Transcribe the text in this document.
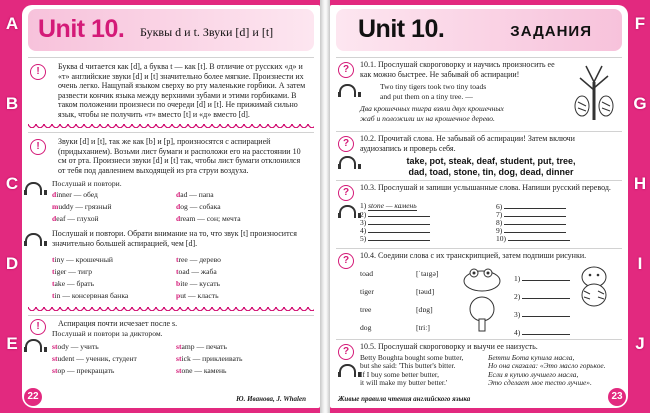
A
B
C
D
E
F
G
H
I
J
Unit 10. Буквы d и t. Звуки [d] и [t]
!	Буква d читается как [d], а буква t — как [t]. В отличие от русских «д» и «т» английские звуки [d] и [t] значительно более мягкие. Произнести их очень легко. Нащупай языком сверху во рту маленькие горбики. А затем развести кончик языка между верхними зубами и этими горбиками. В таком положении произнеси по очереди [d] и [t]. Не прижимай сильно язык, чтобы не получить «т» вместо [t] и «д» вместо [d].
!	Звуки [d] и [t], так же как [b] и [p], произносятся с аспирацией (придыханием). Возьми лист бумаги и расположи его на расстоянии 10 см от рта. Произнеси звуки [d] и [t] так, чтобы лист бумаги отклонился от тебя под давлением выходящей из рта струи воздуха.
Послушай и повтори.
dinner — обед	dad — папа
muddy — грязный	dog — собака
deaf — глухой	dream — сон; мечта
Послушай и повтори. Обрати внимание на то, что звук [t] произносится значительно большей аспирацией, чем [d].
tiny — крошечный	tree — дерево
tiger — тигр	toad — жаба
take — брать	bite — кусать
tin — консервная банка	put — класть
!	Аспирация почти исчезает после s.
Послушай и повтори за диктором.
stody — учить	stamp — печать
student — ученик, студент	stick — приклеивать
stop — прекращать	stone — камень
22	Ю. Иванова, J. Whalen
Unit 10.	ЗАДАНИЯ
?	10.1. Прослушай скороговорку и научись произносить ее как можно быстрее. Не забывай об аспирации!
Two tiny tigers took two tiny toads
and put them on a tiny tree. —
Два крошечных тигра взяли двух крошечных
жаб и положили их на крошечное дерево.
?	10.2. Прочитай слова. Не забывай об аспирации! Затем включи аудиозапись и проверь себя.
take, pot, steak, deaf, student, put, tree,
dad, toad, stone, tin, dog, dead, dinner
?	10.3. Прослушай и запиши услышанные слова. Напиши русский перевод.
1) stone — камень
2)
3)
4)
5)
6)
7)
8)
9)
10)
?	10.4. Соедини слова с их транскрипцией, затем подпиши рисунки.
toad	[ˈtaɪgə]
tiger	[təud]
tree	[dɒg]
dog	[triː]
1)
2)
3)
4)
?	10.5. Прослушай скороговорку и выучи ее наизусть.
Betty Boughta bought some butter,
but she said: 'This butter's bitter.
If I buy some better butter,
it will make my butter better.'
Бетти Бота купила масла,
Но она сказала: «Это масло горькое.
Если я куплю лучшего масла,
Это сделает мое тесто лучше».
Живые правила чтения английского языка	23
